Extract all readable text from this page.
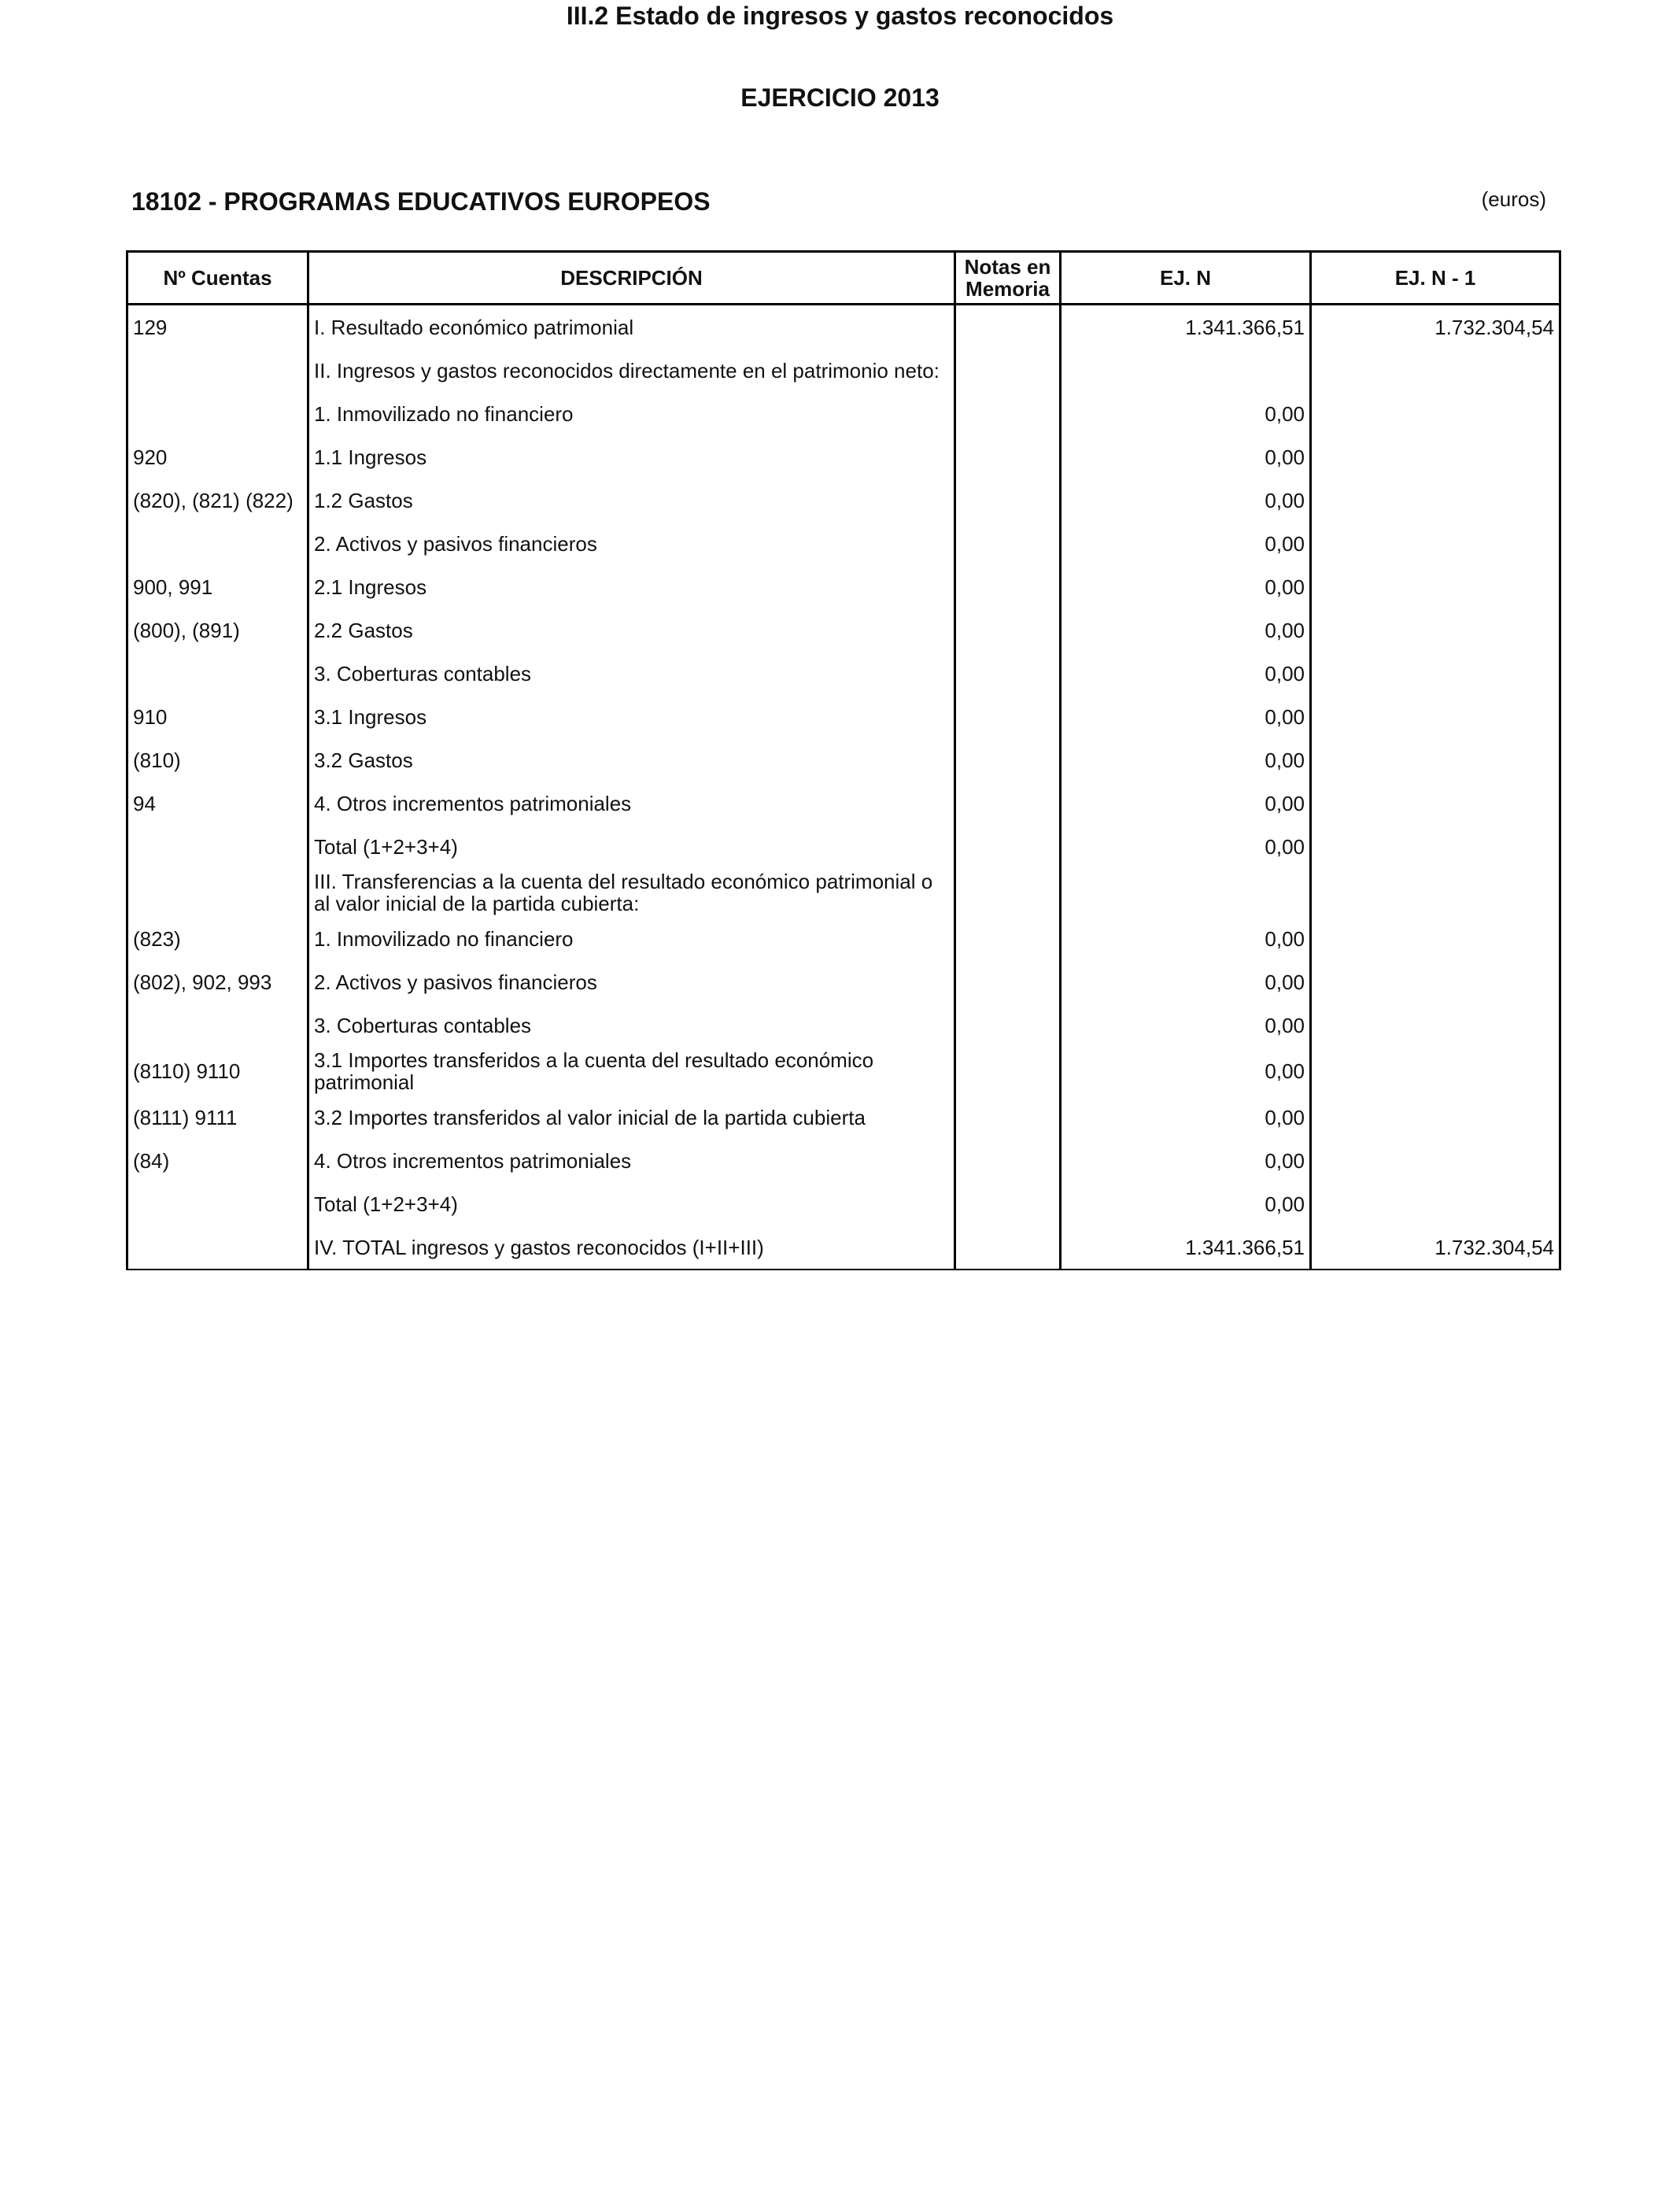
III.2 Estado de ingresos y gastos reconocidos
EJERCICIO 2013
18102 - PROGRAMAS EDUCATIVOS EUROPEOS	(euros)
Nº Cuentas	DESCRIPCIÓN	Notas en Memoria	EJ. N	EJ. N - 1
129	I. Resultado económico patrimonial		1.341.366,51	1.732.304,54
	II. Ingresos y gastos reconocidos directamente en el patrimonio neto:			
	1. Inmovilizado no financiero		0,00	
920	1.1 Ingresos		0,00	
(820), (821) (822)	1.2 Gastos		0,00	
	2. Activos y pasivos financieros		0,00	
900, 991	2.1 Ingresos		0,00	
(800), (891)	2.2 Gastos		0,00	
	3. Coberturas contables		0,00	
910	3.1 Ingresos		0,00	
(810)	3.2 Gastos		0,00	
94	4. Otros incrementos patrimoniales		0,00	
	Total (1+2+3+4)		0,00	
	III. Transferencias a la cuenta del resultado económico patrimonial o al valor inicial de la partida cubierta:			
(823)	1. Inmovilizado no financiero		0,00	
(802), 902, 993	2. Activos y pasivos financieros		0,00	
	3. Coberturas contables		0,00	
(8110) 9110	3.1 Importes transferidos a la cuenta del resultado económico patrimonial		0,00	
(8111) 9111	3.2 Importes transferidos al valor inicial de la partida cubierta		0,00	
(84)	4. Otros incrementos patrimoniales		0,00	
	Total (1+2+3+4)		0,00	
	IV. TOTAL ingresos y gastos reconocidos (I+II+III)		1.341.366,51	1.732.304,54
